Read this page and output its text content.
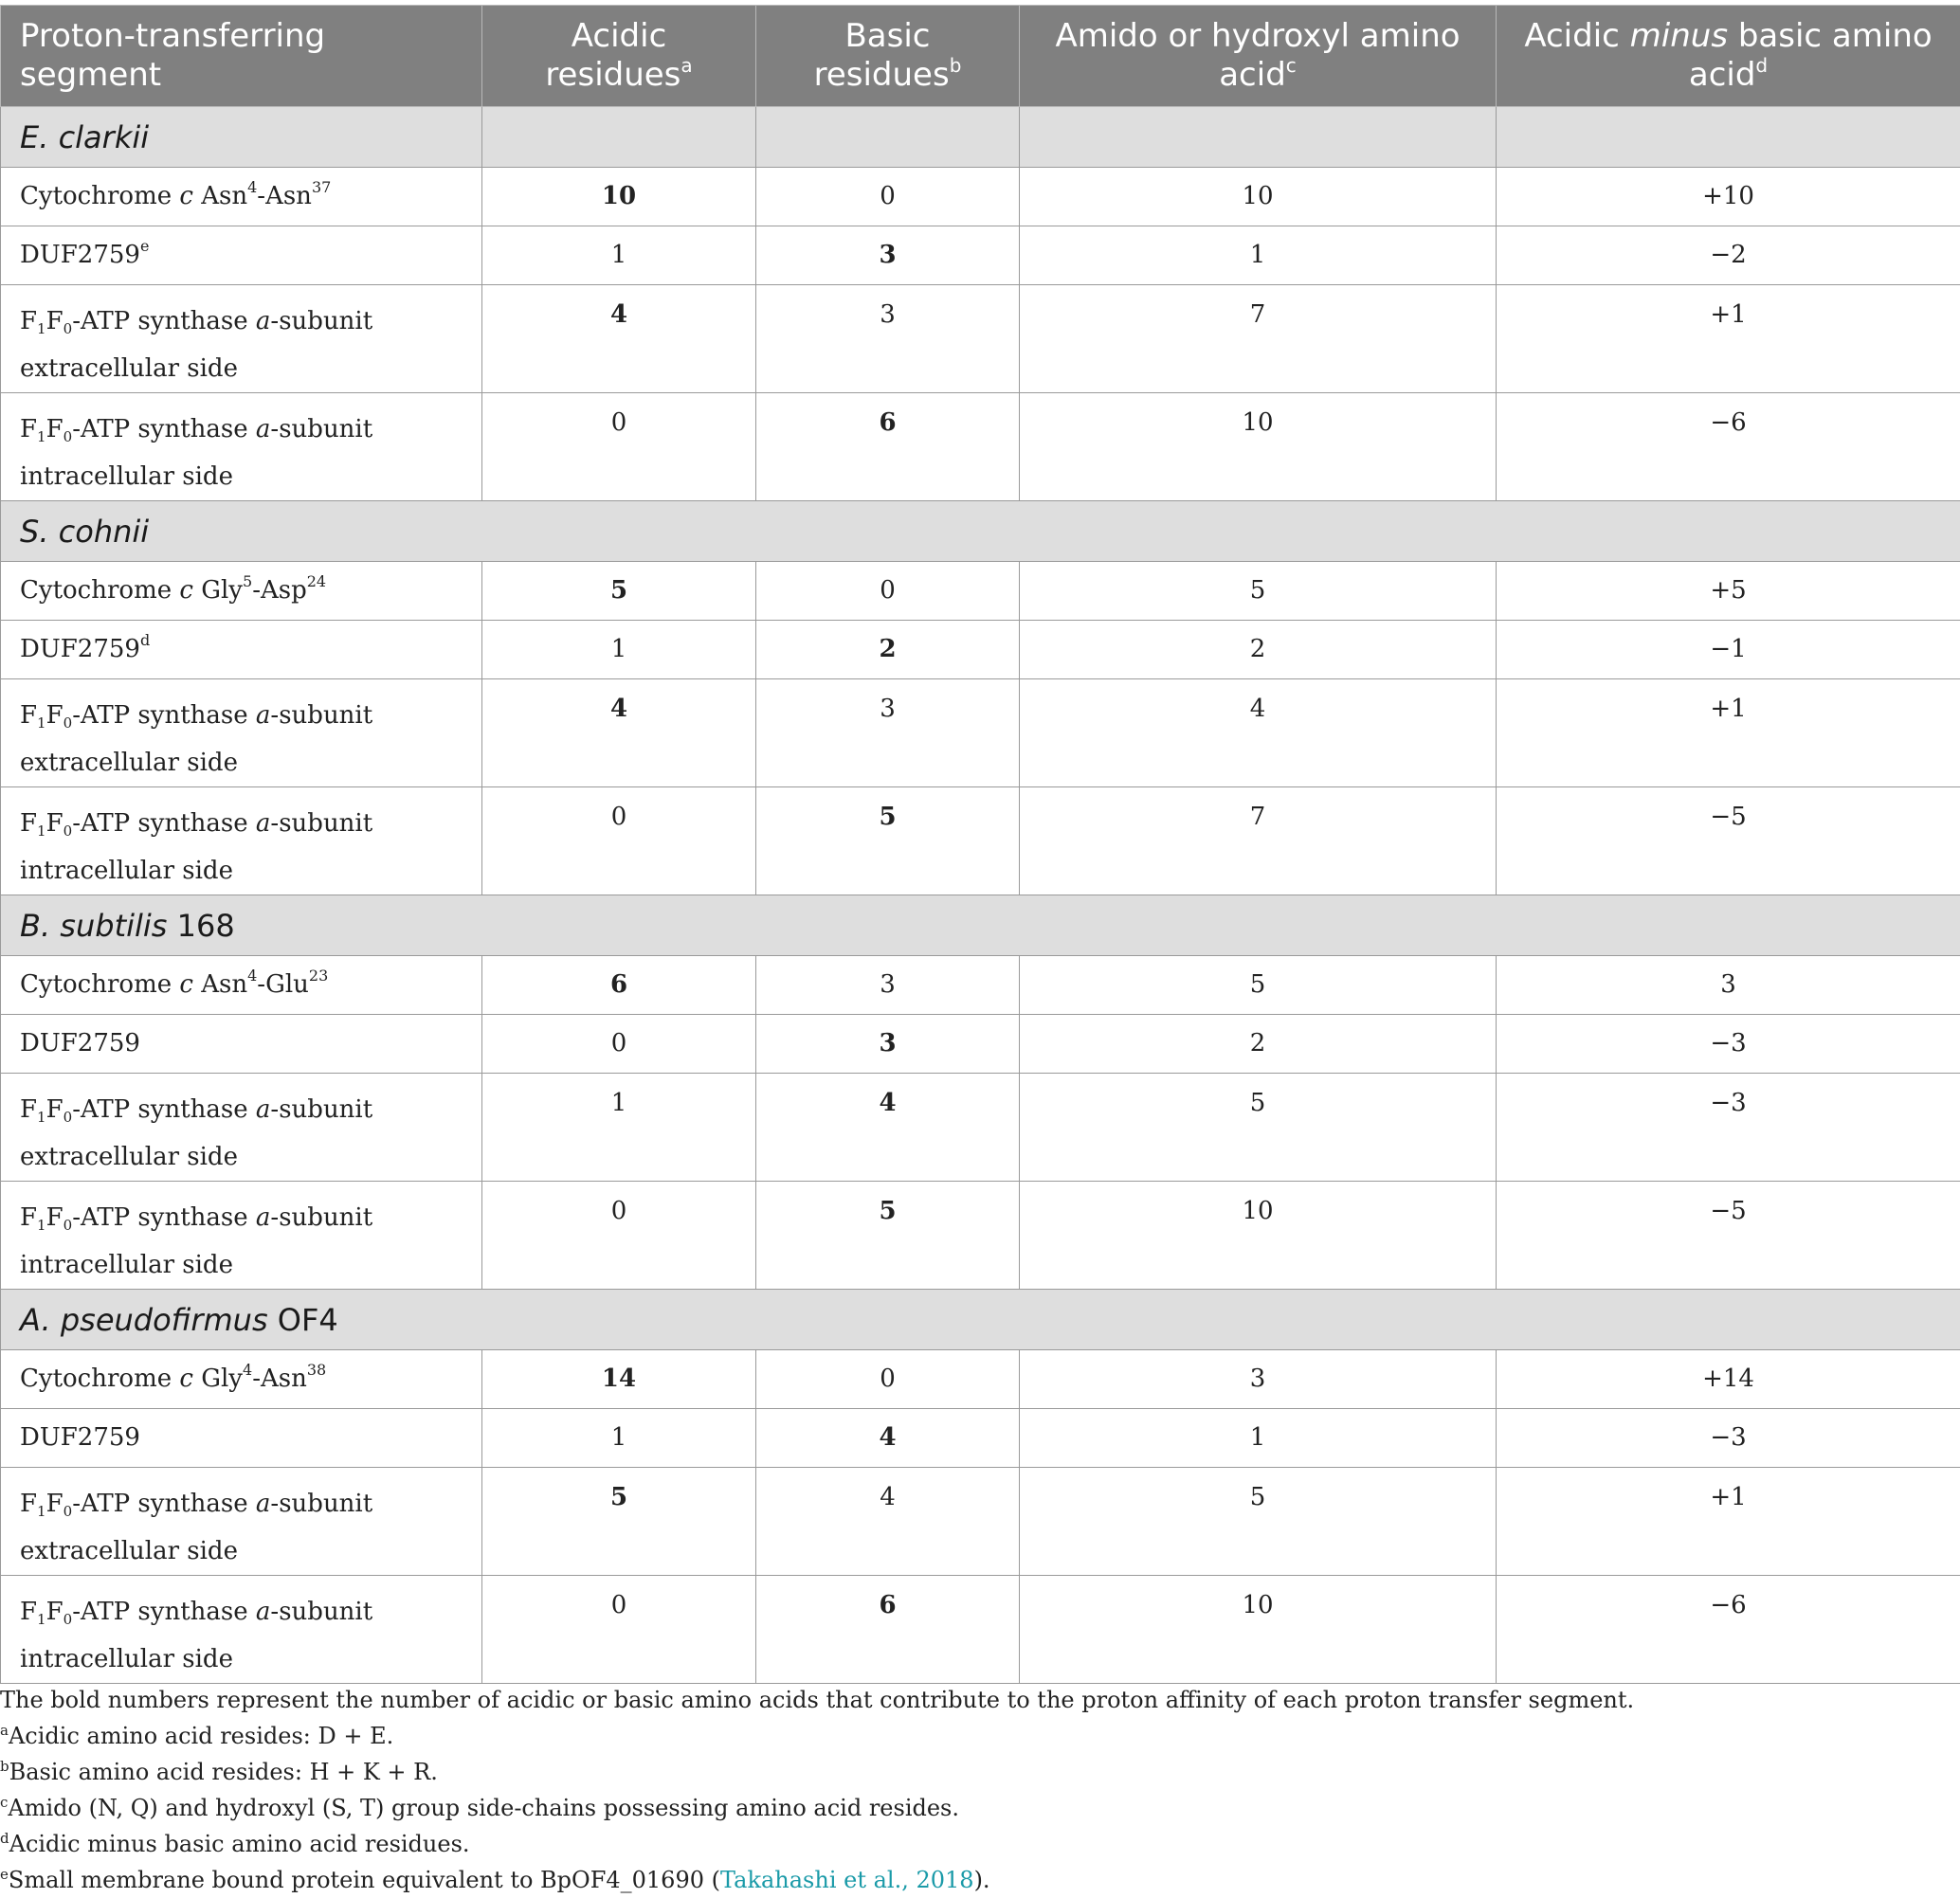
Proton-transferring segment	Acidic residues$^a$	Basic residues$^b$	Amido or hydroxyl amino acid$^c$	Acidic minus basic amino acid$^d$
E. clarkii				
Cytochrome c Asn$^4$-Asn$^{37}$	10	0	10	+10
DUF2759e	1	3	1	−2
$F_1F_0$-ATP synthase a-subunit
extracellular side	4	3	7	+1
$F_1F_0$-ATP synthase a-subunit
intracellular side	0	6	10	−6
S. cohnii				
Cytochrome c Gly$^5$-Asp$^{24}$	5	0	5	+5
DUF2759$^d$	1	2	2	−1
$F_1F_0$-ATP synthase a-subunit
extracellular side	4	3	4	+1
$F_1F_0$-ATP synthase a-subunit
intracellular side	0	5	7	−5
B. subtilis 168				
Cytochrome c Asn$^4$-Glu$^{23}$	6	3	5	3
DUF2759	0	3	2	−3
$F_1F_0$-ATP synthase a-subunit
extracellular side	1	4	5	−3
$F_1F_0$-ATP synthase a-subunit
intracellular side	0	5	10	−5
A. pseudofirmus OF4				
Cytochrome c Gly$^4$-Asn$^{38}$	14	0	3	+14
DUF2759	1	4	1	−3
$F_1F_0$-ATP synthase a-subunit
extracellular side	5	4	5	+1
$F_1F_0$-ATP synthase a-subunit
intracellular side	0	6	10	−6
The bold numbers represent the number of acidic or basic amino acids that contribute to the proton affinity of each proton transfer segment.
$^a$Acidic amino acid resides: D + E.
$^b$Basic amino acid resides: H + K + R.
$^c$Amido (N, Q) and hydroxyl (S, T) group side-chains possessing amino acid resides.
$^d$Acidic minus basic amino acid residues.
$^e$Small membrane bound protein equivalent to BpOF4_01690 (Takahashi et al., 2018).
